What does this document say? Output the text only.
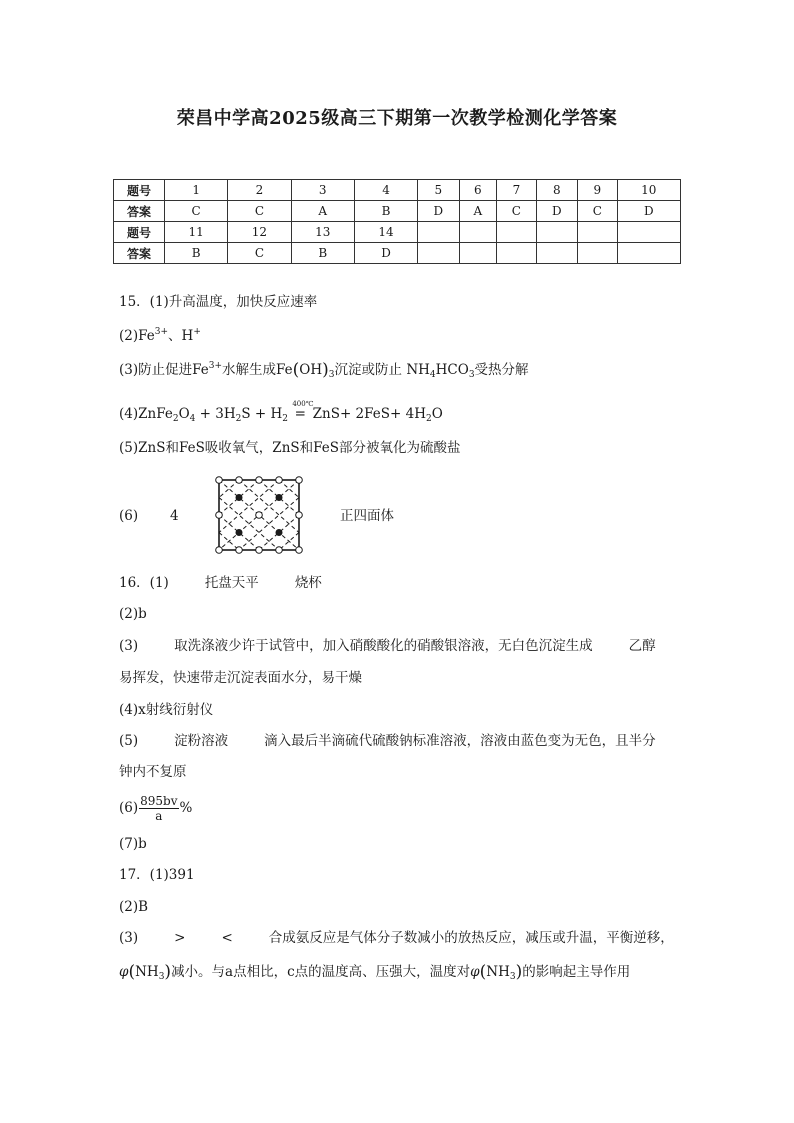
荣昌中学高2025级高三下期第一次教学检测化学答案
题号	1	2	3	4	5	6	7	8	9	10
答案	C	C	A	B	D	A	C	D	C	D
题号	11	12	13	14						
答案	B	C	B	D						
15．(1)升高温度，加快反应速率
$(2)Fe^{3+}$、H+
(3)防止促进$Fe^{3+}$水解生成$Fe(OH)_3$沉淀或防止 $NH_4HCO_3$受热分解
$(4)ZnFe_2O_4 + 3H_2S + H_2$
400℃
= $ZnS+ 2FeS+ 4H_2O$
(5)ZnS和FeS吸收氧气，ZnS和FeS部分被氧化为硫酸盐
(6) 4	正四面体
16．(1)	托盘天平	烧杯
(2)b
(3)	取洗涤液少许于试管中，加入硝酸酸化的硝酸银溶液，无白色沉淀生成	乙醇
易挥发，快速带走沉淀表面水分，易干燥
(4)x射线衍射仪
(5)	淀粉溶液	滴入最后半滴硫代硫酸钠标准溶液，溶液由蓝色变为无色，且半分
钟内不复原
$(6) \frac{895bv}{a}$ %
(7)b
17．(1)391
(2)B
(3)	>	<	合成氨反应是气体分子数减小的放热反应，减压或升温，平衡逆移，
$\varphi(NH_3)$减小。与a点相比，c点的温度高、压强大，温度对$\varphi(NH_3)$的影响起主导作用
